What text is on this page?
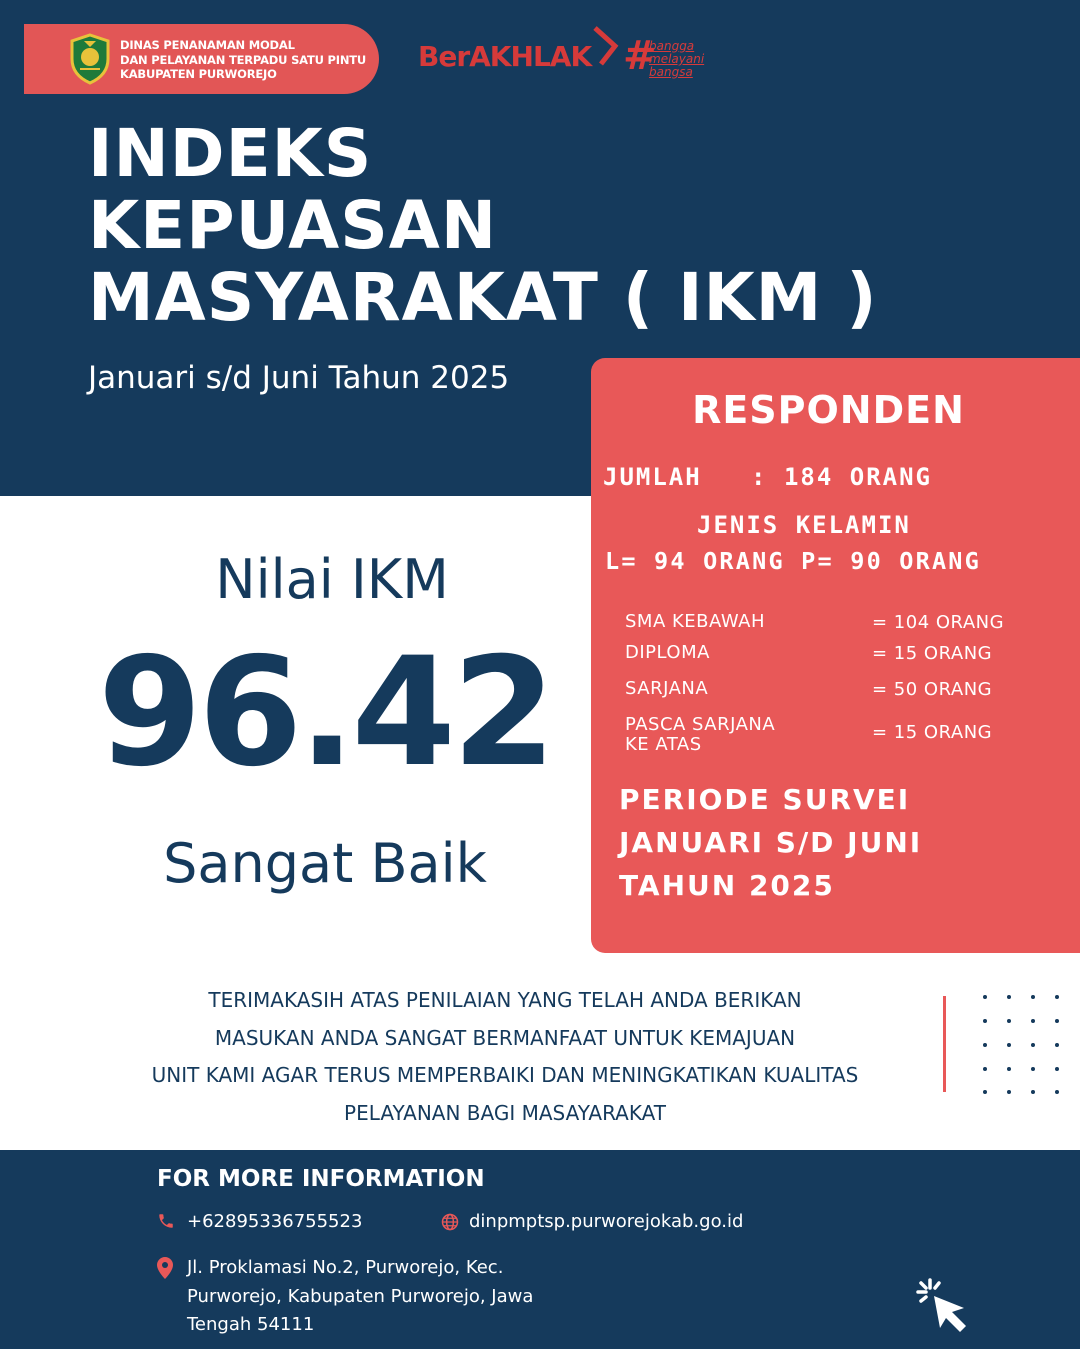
DINAS PENANAMAN MODAL
DAN PELAYANAN TERPADU SATU PINTU
KABUPATEN PURWOREJO
BerAKHLAK #
bangga
melayani
bangsa
INDEKS
KEPUASAN
MASYARAKAT ( IKM )
Januari s/d Juni Tahun 2025
RESPONDEN
JUMLAH   : 184 ORANG
JENIS KELAMIN
L= 94 ORANG P= 90 ORANG
SMA KEBAWAH	= 104 ORANG
DIPLOMA	= 15 ORANG
SARJANA	= 50 ORANG
PASCA SARJANA
KE ATAS
= 15 ORANG
PERIODE SURVEI
JANUARI S/D JUNI
TAHUN 2025
Nilai IKM
96.42
Sangat Baik
TERIMAKASIH ATAS PENILAIAN YANG TELAH ANDA BERIKAN
MASUKAN ANDA SANGAT BERMANFAAT UNTUK KEMAJUAN
UNIT KAMI AGAR TERUS MEMPERBAIKI DAN MENINGKATIKAN KUALITAS
PELAYANAN BAGI MASAYARAKAT
FOR MORE INFORMATION
+62895336755523	dinpmptsp.purworejokab.go.id
Jl. Proklamasi No.2, Purworejo, Kec.
Purworejo, Kabupaten Purworejo, Jawa
Tengah 54111
